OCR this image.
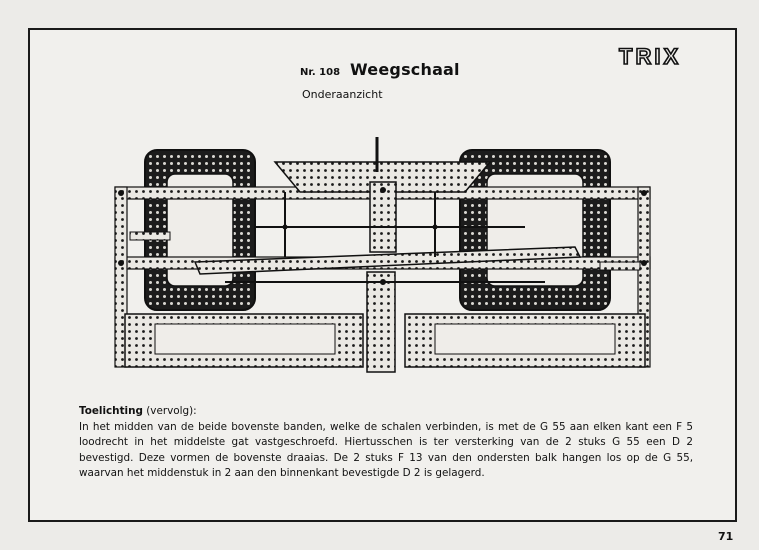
Nr. 108 Weegschaal
Onderaanzicht
TRIX
Toelichting (vervolg):

In het midden van de beide bovenste banden, welke de schalen verbinden, is met de G 55 aan elken kant een F 5 loodrecht in het middelste gat vastgeschroefd. Hiertusschen is ter versterking van de 2 stuks G 55 een D 2 bevestigd. Deze vormen de bovenste draaias. De 2 stuks F 13 van den ondersten balk hangen los op de G 55, waarvan het middenstuk in 2 aan den binnenkant bevestigde D 2 is gelagerd.

71
